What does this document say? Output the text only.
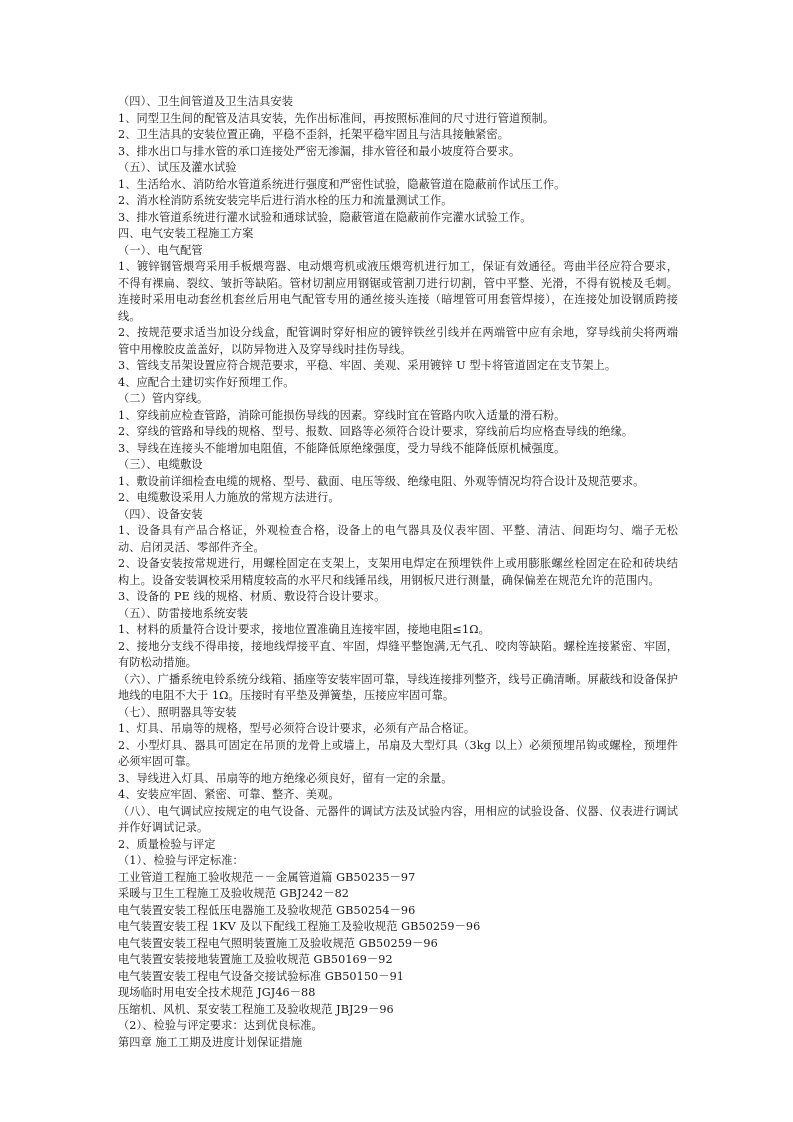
（四）、卫生间管道及卫生洁具安装

1、同型卫生间的配管及洁具安装，先作出标准间，再按照标准间的尺寸进行管道预制。

2、卫生洁具的安装位置正确，平稳不歪斜，托架平稳牢固且与洁具接触紧密。

3、排水出口与排水管的承口连接处严密无渗漏，排水管径和最小坡度符合要求。

（五）、试压及灌水试验

1、生活给水、消防给水管道系统进行强度和严密性试验，隐蔽管道在隐蔽前作试压工作。

2、消水栓消防系统安装完毕后进行消水栓的压力和流量测试工作。

3、排水管道系统进行灌水试验和通球试验，隐蔽管道在隐蔽前作完灌水试验工作。

四、电气安装工程施工方案

（一）、电气配管

1、镀锌钢管煨弯采用手板煨弯器、电动煨弯机或液压煨弯机进行加工，保证有效通径。弯曲半径应符合要求，不得有裸扁、裂纹、皱折等缺陷。管材切割应用钢锯或管割刀进行切割，管中平整、光滑，不得有锐棱及毛刺。连接时采用电动套丝机套丝后用电气配管专用的通丝接头连接（暗埋管可用套管焊接），在连接处加设钢质跨接线。

2、按规范要求适当加设分线盒，配管调时穿好相应的镀锌铁丝引线并在两端管中应有余地，穿导线前尖将两端管中用橡胶皮盖盖好，以防异物进入及穿导线时挂伤导线。

3、管线支吊架设置应符合规范要求，平稳、牢固、美观、采用镀锌 U 型卡将管道固定在支节架上。

4、应配合土建切实作好预埋工作。

（二）管内穿线。

1、穿线前应检查管路，消除可能损伤导线的因素。穿线时宜在管路内吹入适量的滑石粉。

2、穿线的管路和导线的规格、型号、报数、回路等必须符合设计要求，穿线前后均应格查导线的绝缘。

3、导线在连接头不能增加电阻值，不能降低原绝缘强度，受力导线不能降低原机械强度。

（三）、电缆敷设

1、敷设前详细检查电缆的规格、型号、截面、电压等级、绝缘电阻、外观等情况均符合设计及规范要求。

2、电缆敷设采用人力施放的常规方法进行。

（四）、设备安装

1、设备具有产品合格证，外观检查合格，设备上的电气器具及仪表牢固、平整、清洁、间距均匀、端子无松动、启闭灵活、零部件齐全。

2、设备安装按常规进行，用螺栓固定在支架上，支架用电焊定在预埋铁件上或用膨胀螺丝栓固定在砼和砖块结构上。设备安装调校采用精度较高的水平尺和线锤吊线，用钢板尺进行测量，确保偏差在规范允许的范围内。

3、设备的 PE 线的规格、材质、敷设符合设计要求。

（五）、防雷接地系统安装

1、材料的质量符合设计要求，接地位置准确且连接牢固，接地电阻≤1Ω。

2、接地分支线不得串接，接地线焊接平直、牢固，焊缝平整饱满,无气孔、咬肉等缺陷。螺栓连接紧密、牢固，有防松动措施。

（六）、广播系统电铃系统分线箱、插座等安装牢固可靠，导线连接排列整齐，线号正确清晰。屏蔽线和设备保护地线的电阻不大于 1Ω。压接时有平垫及弹簧垫，压接应牢固可靠。

（七）、照明器具等安装

1、灯具、吊扇等的规格，型号必须符合设计要求，必须有产品合格证。

2、小型灯具、器具可固定在吊顶的龙骨上或墙上，吊扇及大型灯具（3kg 以上）必须预埋吊钩或螺栓，预埋件必须牢固可靠。

3、导线进入灯具、吊扇等的地方绝缘必须良好，留有一定的余量。

4、安装应牢固、紧密、可靠、整齐、美观。

（八）、电气调试应按规定的电气设备、元器件的调试方法及试验内容，用相应的试验设备、仪器、仪表进行调试并作好调试记录。

2、质量检验与评定

（1）、检验与评定标准：

工业管道工程施工验收规范－－金属管道篇 GB50235－97

采暖与卫生工程施工及验收规范 GBJ242－82

电气装置安装工程低压电器施工及验收规范 GB50254－96

电气装置安装工程 1KV 及以下配线工程施工及验收规范 GB50259－96

电气装置安装工程电气照明装置施工及验收规范 GB50259－96

电气装置安装接地装置施工及验收规范 GB50169－92

电气装置安装工程电气设备交接试验标准 GB50150－91

现场临时用电安全技术规范 JGJ46－88

压缩机、风机、泵安装工程施工及验收规范 JBJ29－96

（2）、检验与评定要求：达到优良标准。

第四章 施工工期及进度计划保证措施
